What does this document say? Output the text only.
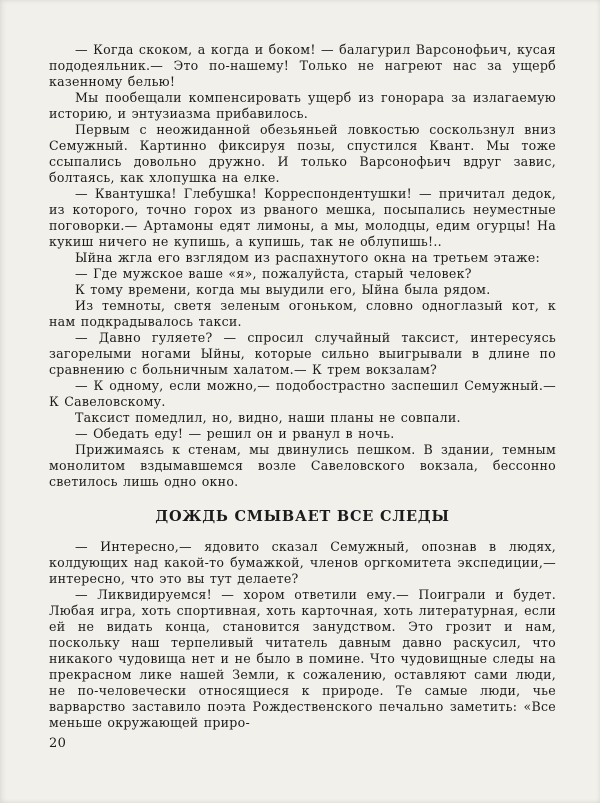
— Когда скоком, а когда и боком! — балагурил Варсонофьич, кусая пододеяльник.— Это по-нашему! Только не нагреют нас за ущерб казенному белью!

Мы пообещали компенсировать ущерб из гонорара за излагаемую историю, и энтузиазма прибавилось.

Первым с неожиданной обезьяньей ловкостью соскользнул вниз Семужный. Картинно фиксируя позы, спустился Квант. Мы тоже ссыпались довольно дружно. И только Варсонофьич вдруг завис, болтаясь, как хлопушка на елке.

— Квантушка! Глебушка! Корреспондентушки! — причитал дедок, из которого, точно горох из рваного мешка, посыпались неуместные поговорки.— Артамоны едят лимоны, а мы, молодцы, едим огурцы! На кукиш ничего не купишь, а купишь, так не облупишь!..

Ыйна жгла его взглядом из распахнутого окна на третьем этаже:

— Где мужское ваше «я», пожалуйста, старый человек?

К тому времени, когда мы выудили его, Ыйна была рядом.

Из темноты, светя зеленым огоньком, словно одноглазый кот, к нам подкрадывалось такси.

— Давно гуляете? — спросил случайный таксист, интересуясь загорелыми ногами Ыйны, которые сильно выигрывали в длине по сравнению с больничным халатом.— К трем вокзалам?

— К одному, если можно,— подобострастно заспешил Семужный.— К Савеловскому.

Таксист помедлил, но, видно, наши планы не совпали.

— Обедать еду! — решил он и рванул в ночь.

Прижимаясь к стенам, мы двинулись пешком. В здании, темным монолитом вздымавшемся возле Савеловского вокзала, бессонно светилось лишь одно окно.

ДОЖДЬ СМЫВАЕТ ВСЕ СЛЕДЫ

— Интересно,— ядовито сказал Семужный, опознав в людях, колдующих над какой-то бумажкой, членов оргкомитета экспедиции,— интересно, что это вы тут делаете?

— Ликвидируемся! — хором ответили ему.— Поиграли и будет. Любая игра, хоть спортивная, хоть карточная, хоть литературная, если ей не видать конца, становится занудством. Это грозит и нам, поскольку наш терпеливый читатель давным давно раскусил, что никакого чудовища нет и не было в помине. Что чудовищные следы на прекрасном лике нашей Земли, к сожалению, оставляют сами люди, не по-человечески относящиеся к природе. Те самые люди, чье варварство заставило поэта Рождественского печально заметить: «Все меньше окружающей приро-

20
